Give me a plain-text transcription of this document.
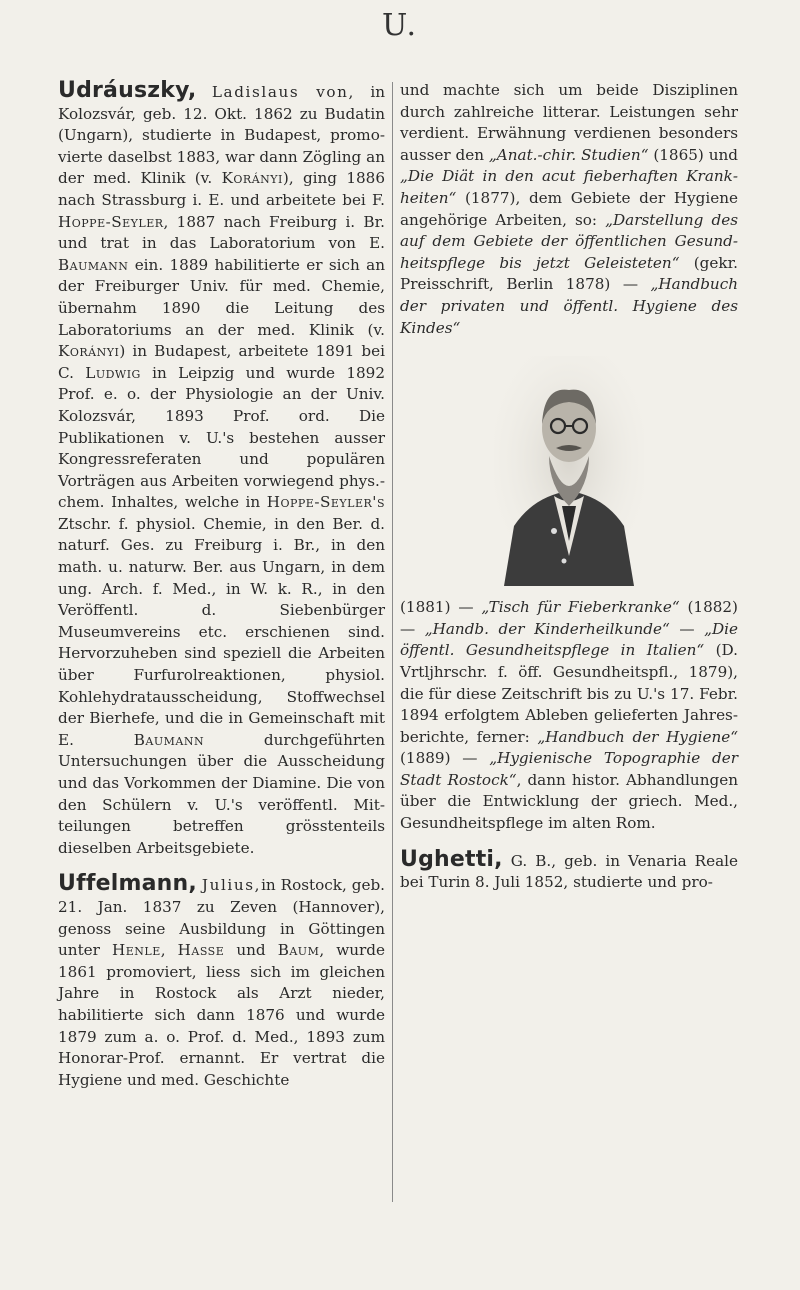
U.

Udráuszky, Ladislaus von, in Kolozsvár, geb. 12. Okt. 1862 zu Budatin (Ungarn), studierte in Budapest, promovierte daselbst 1883, war dann Zögling an der med. Klinik (v. Korányi), ging 1886 nach Strassburg i. E. und arbeitete bei F. Hoppe-Seyler, 1887 nach Freiburg i. Br. und trat in das Laboratorium von E. Baumann ein. 1889 habilitierte er sich an der Freiburger Univ. für med. Chemie, übernahm 1890 die Leitung des Laboratoriums an der med. Klinik (v. Korányi) in Budapest, arbeitete 1891 bei C. Ludwig in Leipzig und wurde 1892 Prof. e. o. der Physiologie an der Univ. Kolozsvár, 1893 Prof. ord. Die Publikationen v. U.'s bestehen ausser Kongressreferaten und populären Vorträgen aus Arbeiten vorwiegend phys.-chem. Inhaltes, welche in Hoppe-Seyler's Ztschr. f. physiol. Chemie, in den Ber. d. naturf. Ges. zu Freiburg i. Br., in den math. u. naturw. Ber. aus Ungarn, in dem ung. Arch. f. Med., in W. k. R., in den Veröffentl. d. Siebenbürger Museumvereins etc. erschienen sind. Hervorzuheben sind speziell die Arbeiten über Furfurolreaktionen, physiol. Kohlehydratausscheidung, Stoffwechsel der Bierhefe, und die in Gemeinschaft mit E. Baumann durchgeführten Untersuchungen über die Ausscheidung und das Vorkommen der Diamine. Die von den Schülern v. U.'s veröffentl. Mitteilungen betreffen grösstenteils dieselben Arbeitsgebiete.

Uffelmann, Julius,in Rostock, geb. 21. Jan. 1837 zu Zeven (Hannover), genoss seine Ausbildung in Göttingen unter Henle, Hasse und Baum, wurde 1861 promoviert, liess sich im gleichen Jahre in Rostock als Arzt nieder, habilitierte sich dann 1876 und wurde 1879 zum a. o. Prof. d. Med., 1893 zum Honorar-Prof. ernannt. Er vertrat die Hygiene und med. Geschichte

und machte sich um beide Disziplinen durch zahlreiche litterar. Leistungen sehr verdient. Erwähnung verdienen besonders ausser den „Anat.-chir. Studien“ (1865) und „Die Diät in den acut fieberhaften Krankheiten“ (1877), dem Gebiete der Hygiene angehörige Arbeiten, so: „Darstellung des auf dem Gebiete der öffentlichen Gesundheitspflege bis jetzt Geleisteten“ (gekr. Preisschrift, Berlin 1878) — „Handbuch der privaten und öffentl. Hygiene des Kindes“

(1881) — „Tisch für Fieberkranke“ (1882) — „Handb. der Kinderheilkunde“ — „Die öffentl. Gesundheitspflege in Italien“ (D. Vrtljhrschr. f. öff. Gesundheitspfl., 1879), die für diese Zeitschrift bis zu U.'s 17. Febr. 1894 erfolgtem Ableben gelieferten Jahresberichte, ferner: „Handbuch der Hygiene“ (1889) — „Hygienische Topographie der Stadt Rostock“, dann histor. Abhandlungen über die Entwicklung der griech. Med., Gesundheitspflege im alten Rom.

Ughetti, G. B., geb. in Venaria Reale bei Turin 8. Juli 1852, studierte und pro-
